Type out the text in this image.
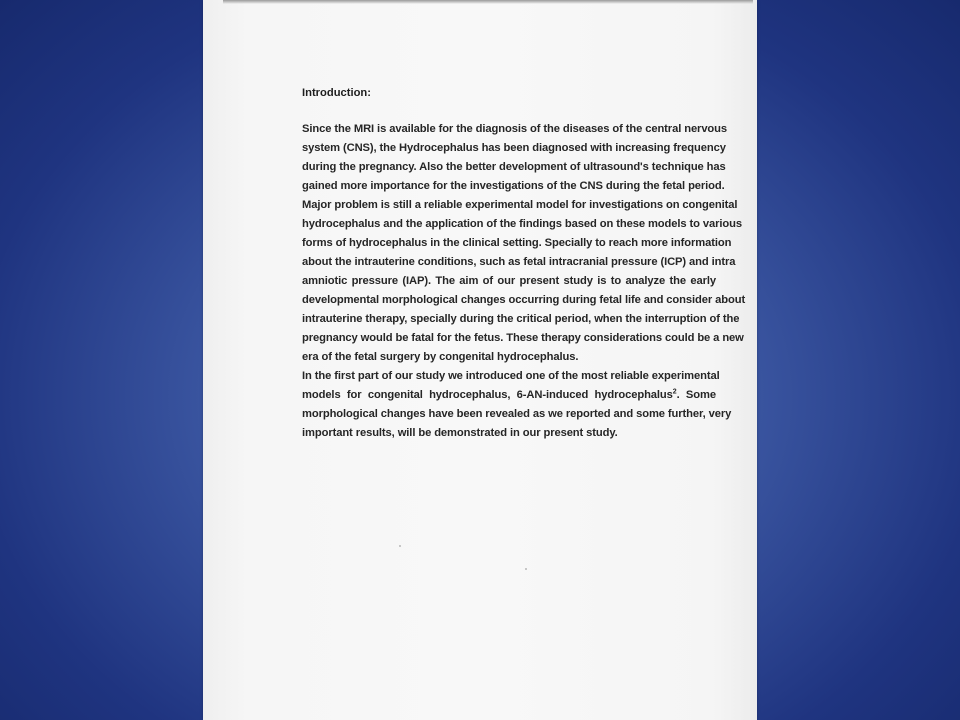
Introduction:
Since the MRI is available for the diagnosis of the diseases of the central nervous
system (CNS), the Hydrocephalus has been diagnosed with increasing frequency
during the pregnancy. Also the better development of ultrasound's technique has
gained more importance for the investigations of the CNS during the fetal period.
Major problem is still a reliable experimental model for investigations on congenital
hydrocephalus and the application of the findings based on these models to various
forms of hydrocephalus in the clinical setting. Specially to reach more information
about the intrauterine conditions, such as fetal intracranial pressure (ICP) and intra
amniotic pressure (IAP). The aim of our present study is to analyze the early
developmental morphological changes occurring during fetal life and consider about
intrauterine therapy, specially during the critical period, when the interruption of the
pregnancy would be fatal for the fetus. These therapy considerations could be a new
era of the fetal surgery by congenital hydrocephalus.
In the first part of our study we introduced one of the most reliable experimental
models for congenital hydrocephalus, 6-AN-induced hydrocephalus$^2$. Some
morphological changes have been revealed as we reported and some further, very
important results, will be demonstrated in our present study.
